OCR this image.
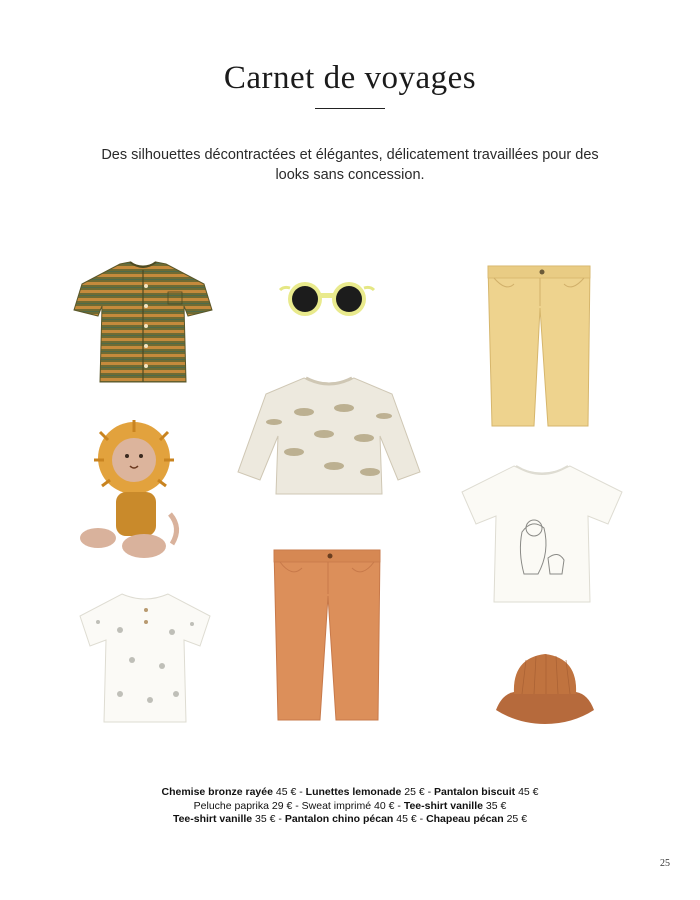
Carnet de voyages
Des silhouettes décontractées et élégantes, délicatement travaillées pour des looks sans concession.
Chemise bronze rayée 45 € - Lunettes lemonade 25 € - Pantalon biscuit 45 €
Peluche paprika 29 € - Sweat imprimé 40 € - Tee-shirt vanille 35 €
Tee-shirt vanille 35 € - Pantalon chino pécan 45 € - Chapeau pécan 25 €
25
